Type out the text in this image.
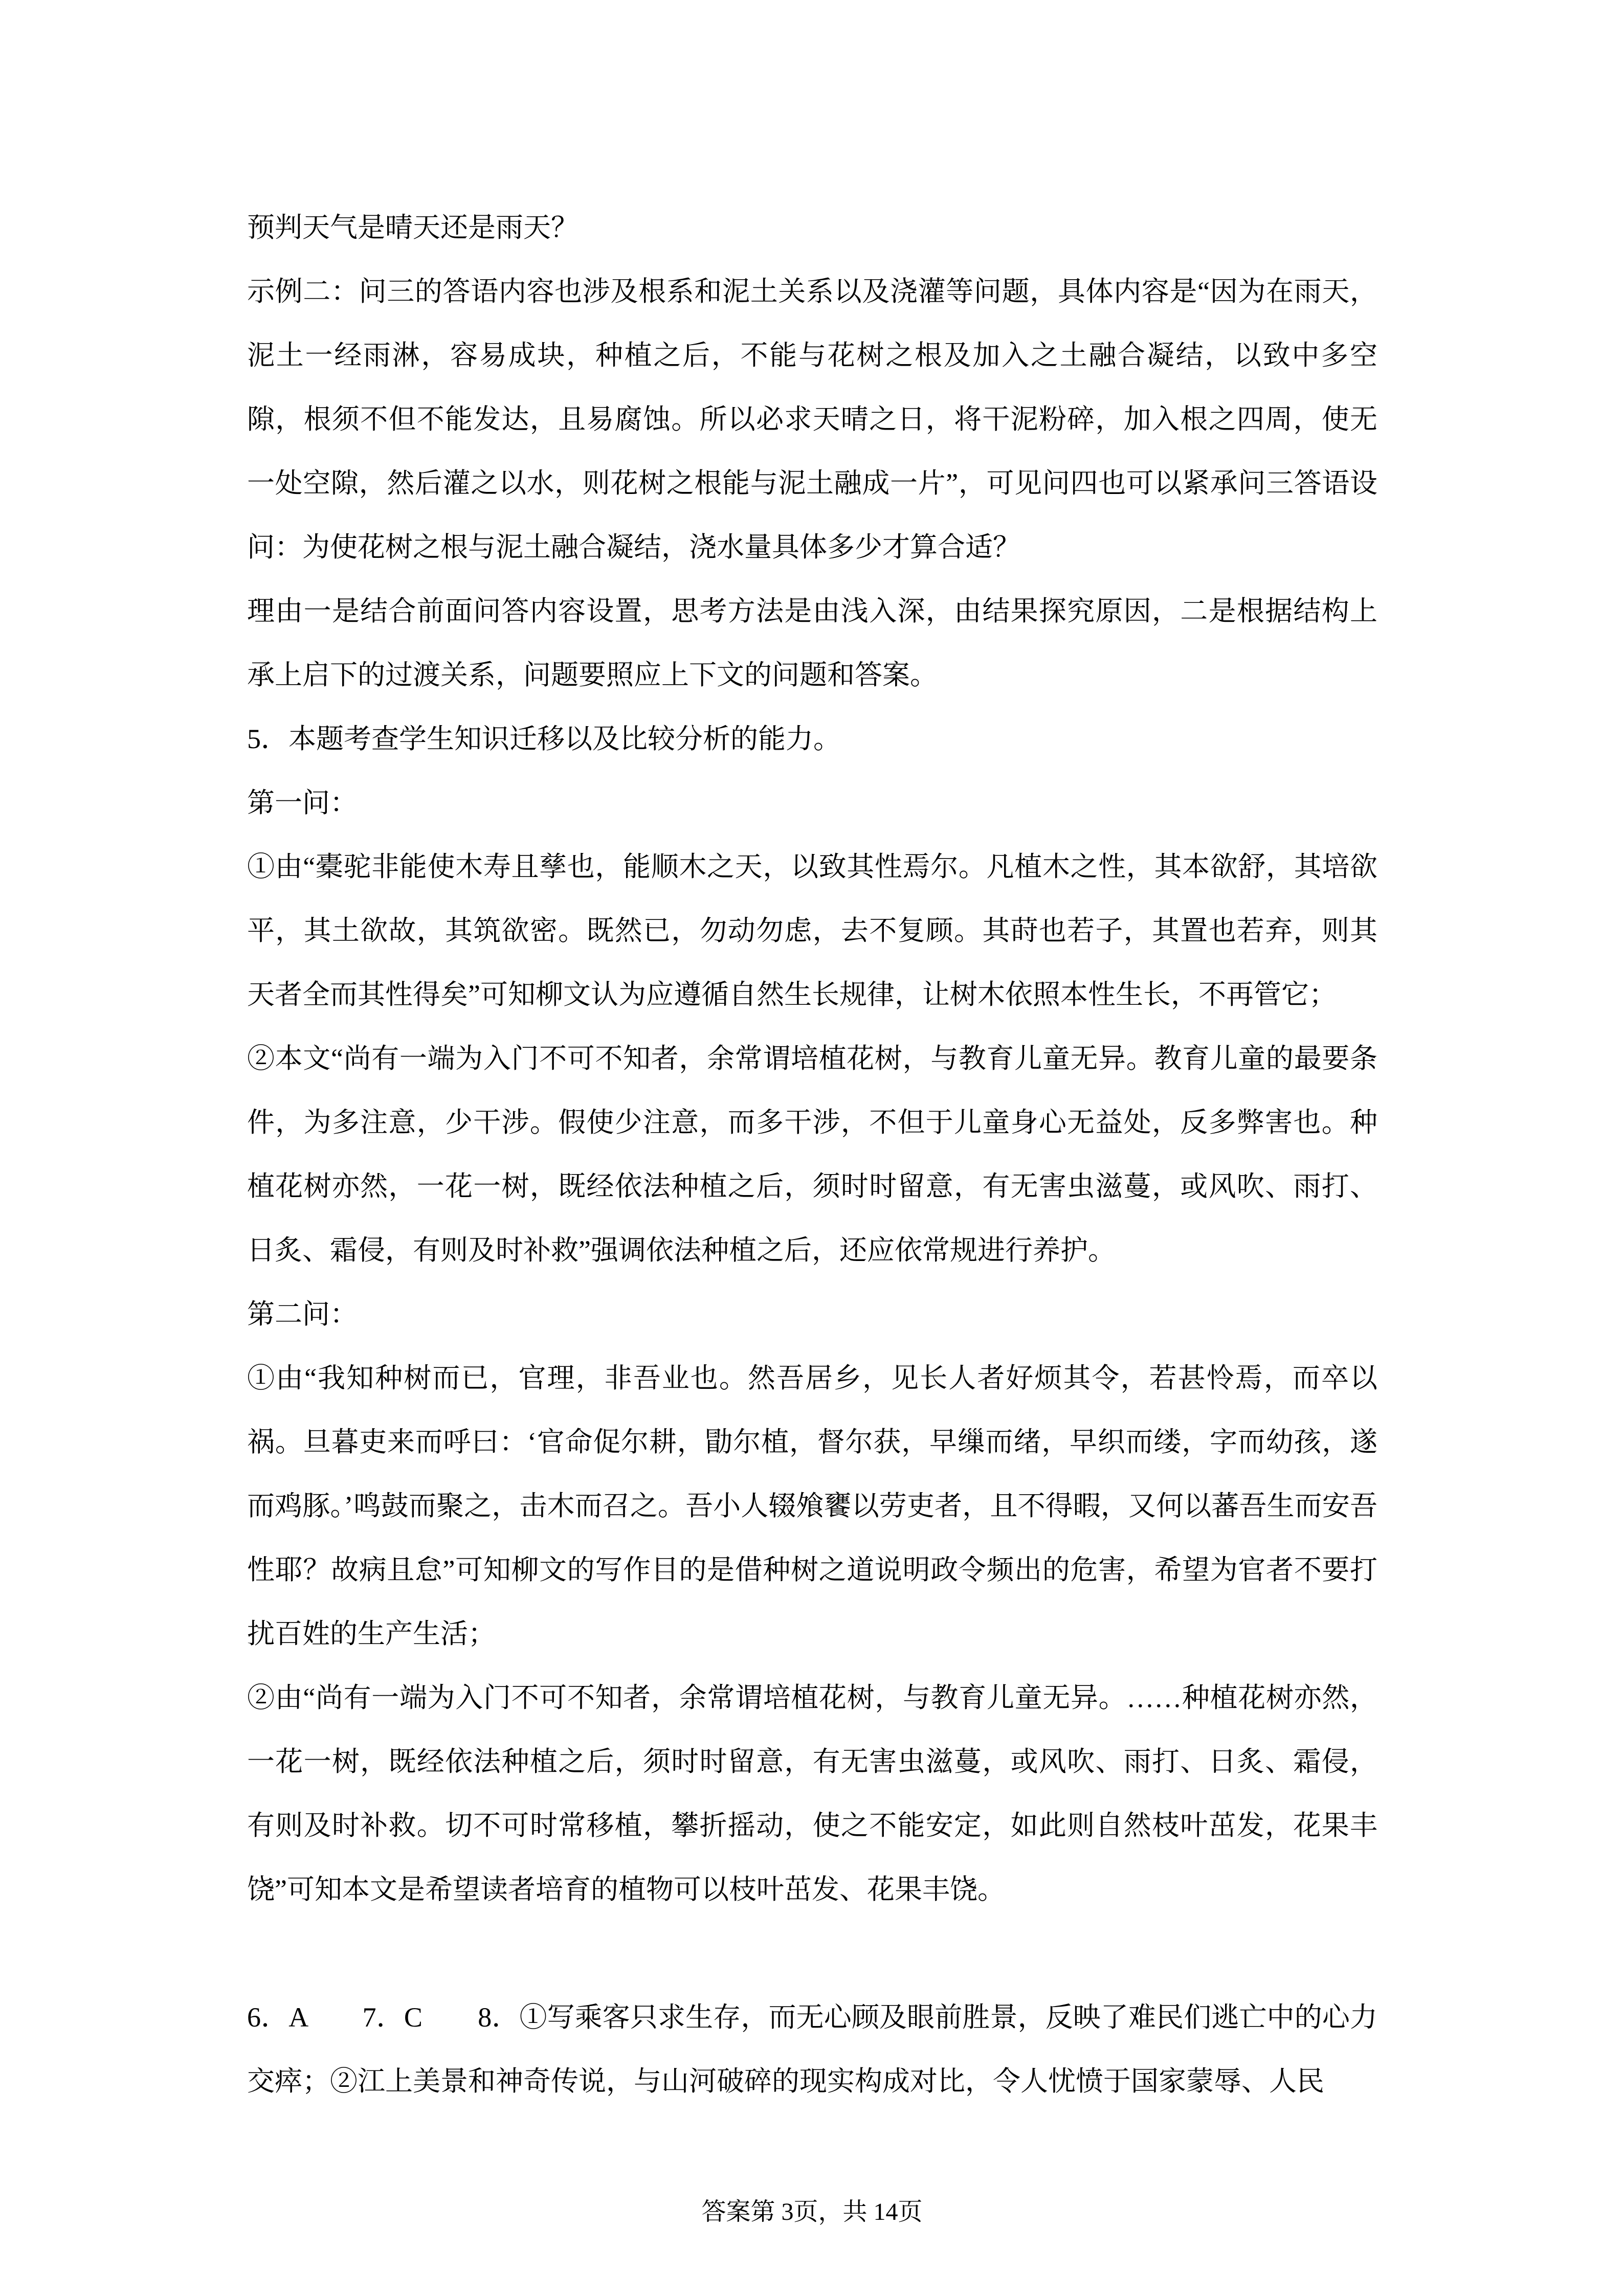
预判天气是晴天还是雨天？

示例二：问三的答语内容也涉及根系和泥土关系以及浇灌等问题，具体内容是“因为在雨天，泥土一经雨淋，容易成块，种植之后，不能与花树之根及加入之土融合凝结，以致中多空隙，根须不但不能发达，且易腐蚀。所以必求天晴之日，将干泥粉碎，加入根之四周，使无一处空隙，然后灌之以水，则花树之根能与泥土融成一片”，可见问四也可以紧承问三答语设问：为使花树之根与泥土融合凝结，浇水量具体多少才算合适？

理由一是结合前面问答内容设置，思考方法是由浅入深，由结果探究原因，二是根据结构上承上启下的过渡关系，问题要照应上下文的问题和答案。

5．本题考查学生知识迁移以及比较分析的能力。

第一问：

①由“橐驼非能使木寿且孳也，能顺木之天，以致其性焉尔。凡植木之性，其本欲舒，其培欲平，其土欲故，其筑欲密。既然已，勿动勿虑，去不复顾。其莳也若子，其置也若弃，则其天者全而其性得矣”可知柳文认为应遵循自然生长规律，让树木依照本性生长，不再管它；

②本文“尚有一端为入门不可不知者，余常谓培植花树，与教育儿童无异。教育儿童的最要条件，为多注意，少干涉。假使少注意，而多干涉，不但于儿童身心无益处，反多弊害也。种植花树亦然，一花一树，既经依法种植之后，须时时留意，有无害虫滋蔓，或风吹、雨打、日炙、霜侵，有则及时补救”强调依法种植之后，还应依常规进行养护。

第二问：

①由“我知种树而已，官理，非吾业也。然吾居乡，见长人者好烦其令，若甚怜焉，而卒以祸。旦暮吏来而呼曰：‘官命促尔耕，勖尔植，督尔获，早缫而绪，早织而缕，字而幼孩，遂而鸡豚。’鸣鼓而聚之，击木而召之。吾小人辍飧饔以劳吏者，且不得暇，又何以蕃吾生而安吾性耶？故病且怠”可知柳文的写作目的是借种树之道说明政令频出的危害，希望为官者不要打扰百姓的生产生活；

②由“尚有一端为入门不可不知者，余常谓培植花树，与教育儿童无异。……种植花树亦然，一花一树，既经依法种植之后，须时时留意，有无害虫滋蔓，或风吹、雨打、日炙、霜侵，有则及时补救。切不可时常移植，攀折摇动，使之不能安定，如此则自然枝叶茁发，花果丰饶”可知本文是希望读者培育的植物可以枝叶茁发、花果丰饶。

6．A　　7．C　　8．①写乘客只求生存，而无心顾及眼前胜景，反映了难民们逃亡中的心力交瘁；②江上美景和神奇传说，与山河破碎的现实构成对比，令人忧愤于国家蒙辱、人民

答案第 3页，共 14页
